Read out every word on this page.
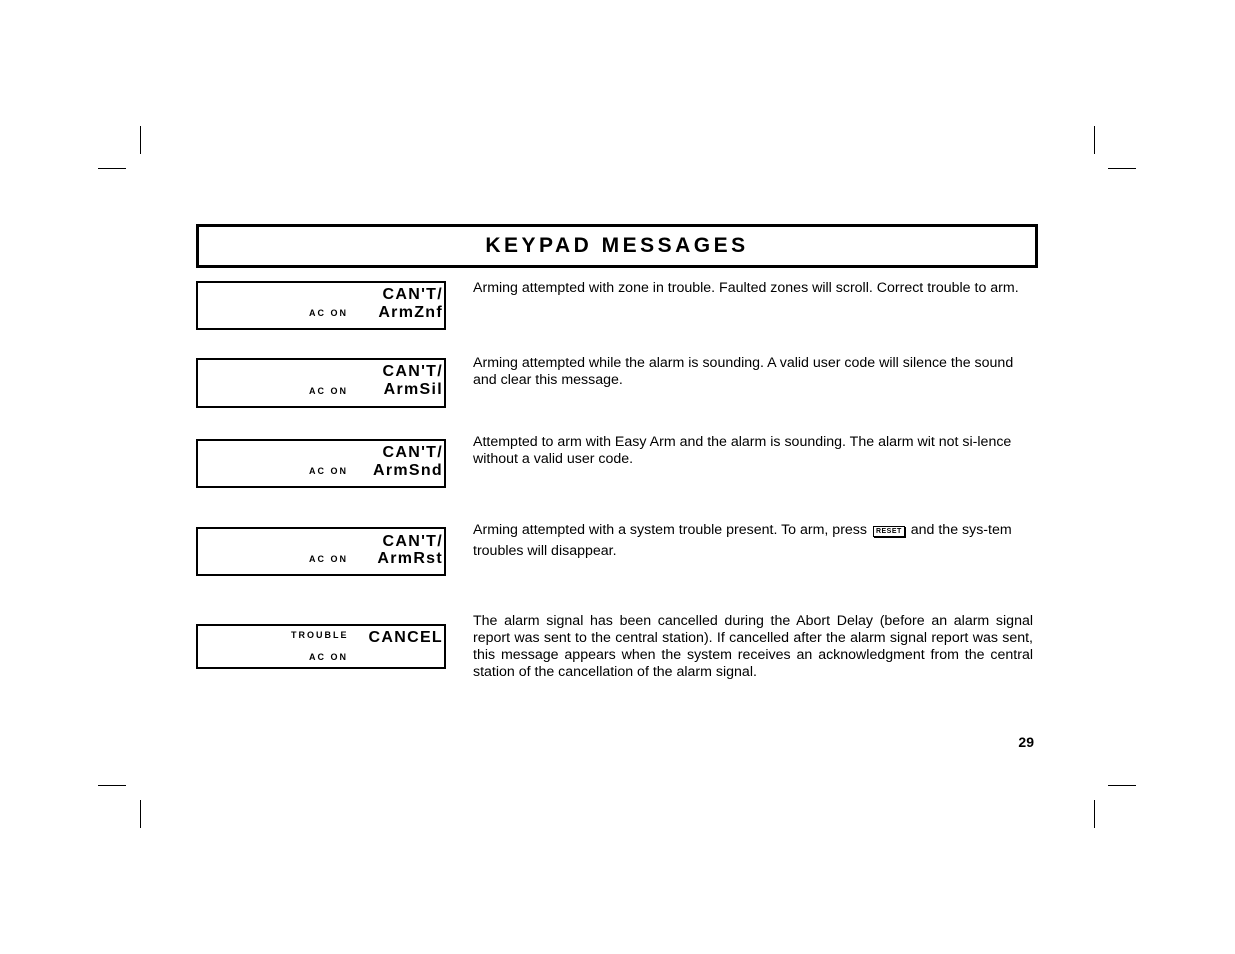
KEYPAD MESSAGES
CAN'T/
AC ON ArmZnf
Arming attempted with zone in trouble. Faulted zones will scroll. Correct trouble to arm.
CAN'T/
AC ON ArmSil
Arming attempted while the alarm is sounding. A valid user code will silence the sound and clear this message.
CAN'T/
AC ON ArmSnd
Attempted to arm with Easy Arm and the alarm is sounding. The alarm wit not si-lence without a valid user code.
CAN'T/
AC ON ArmRst
Arming attempted with a system trouble present. To arm, press RESET and the sys-tem troubles will disappear.
TROUBLE CANCEL
AC ON
The alarm signal has been cancelled during the Abort Delay (before an alarm signal report was sent to the central station). If cancelled after the alarm signal report was sent, this message appears when the system receives an acknowledgment from the central station of the cancellation of the alarm signal.
29
